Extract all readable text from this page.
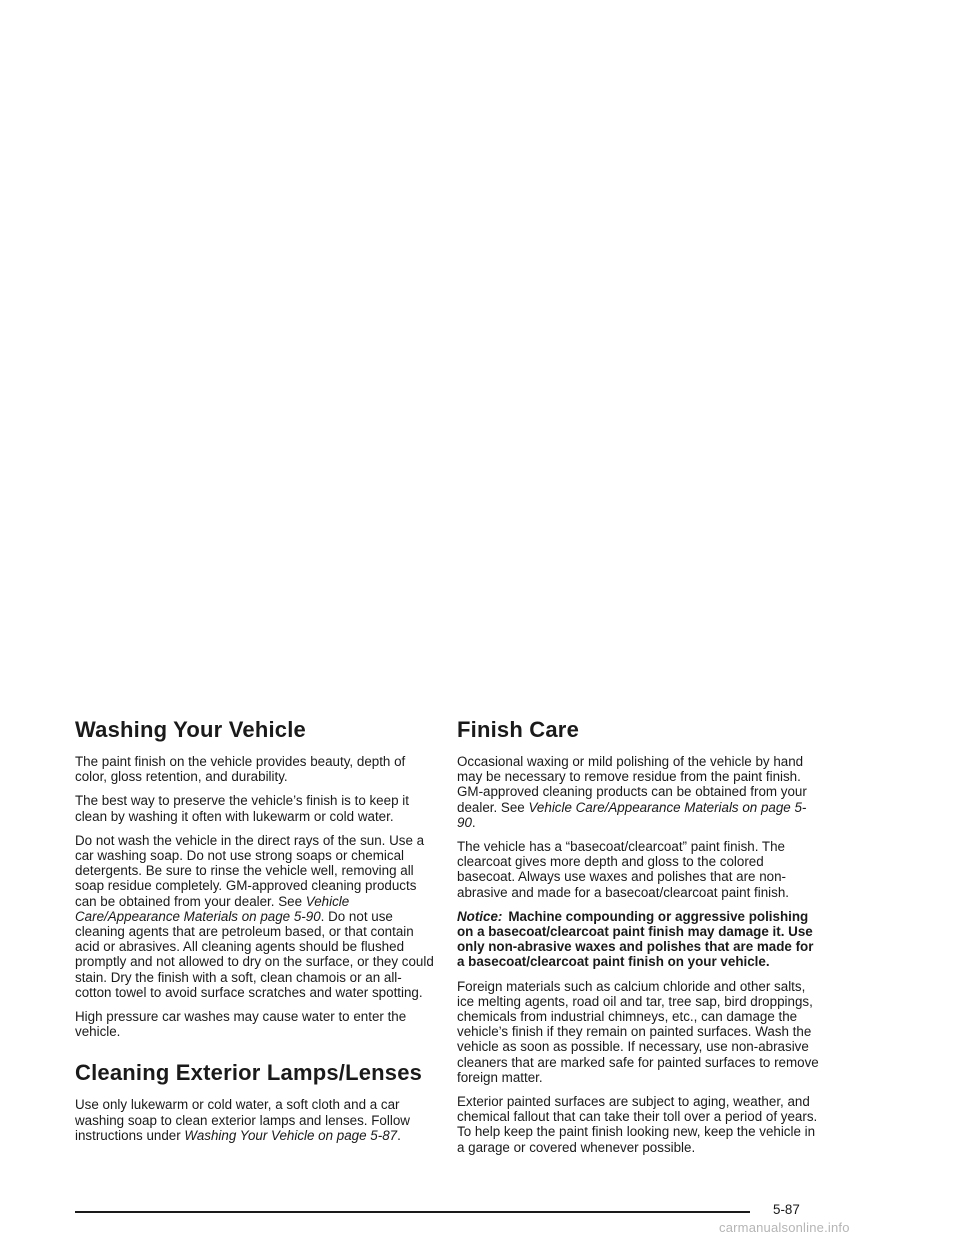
Washing Your Vehicle

The paint finish on the vehicle provides beauty, depth of color, gloss retention, and durability.

The best way to preserve the vehicle’s finish is to keep it clean by washing it often with lukewarm or cold water.

Do not wash the vehicle in the direct rays of the sun. Use a car washing soap. Do not use strong soaps or chemical detergents. Be sure to rinse the vehicle well, removing all soap residue completely. GM-approved cleaning products can be obtained from your dealer. See Vehicle Care/Appearance Materials on page 5-90. Do not use cleaning agents that are petroleum based, or that contain acid or abrasives. All cleaning agents should be flushed promptly and not allowed to dry on the surface, or they could stain. Dry the finish with a soft, clean chamois or an all-cotton towel to avoid surface scratches and water spotting.

High pressure car washes may cause water to enter the vehicle.

Cleaning Exterior Lamps/Lenses

Use only lukewarm or cold water, a soft cloth and a car washing soap to clean exterior lamps and lenses. Follow instructions under Washing Your Vehicle on page 5-87.

Finish Care

Occasional waxing or mild polishing of the vehicle by hand may be necessary to remove residue from the paint finish. GM-approved cleaning products can be obtained from your dealer. See Vehicle Care/Appearance Materials on page 5-90.

The vehicle has a “basecoat/clearcoat” paint finish. The clearcoat gives more depth and gloss to the colored basecoat. Always use waxes and polishes that are non-abrasive and made for a basecoat/clearcoat paint finish.

Notice: Machine compounding or aggressive polishing on a basecoat/clearcoat paint finish may damage it. Use only non-abrasive waxes and polishes that are made for a basecoat/clearcoat paint finish on your vehicle.

Foreign materials such as calcium chloride and other salts, ice melting agents, road oil and tar, tree sap, bird droppings, chemicals from industrial chimneys, etc., can damage the vehicle’s finish if they remain on painted surfaces. Wash the vehicle as soon as possible. If necessary, use non-abrasive cleaners that are marked safe for painted surfaces to remove foreign matter.

Exterior painted surfaces are subject to aging, weather, and chemical fallout that can take their toll over a period of years. To help keep the paint finish looking new, keep the vehicle in a garage or covered whenever possible.

5-87
carmanualsonline.info
